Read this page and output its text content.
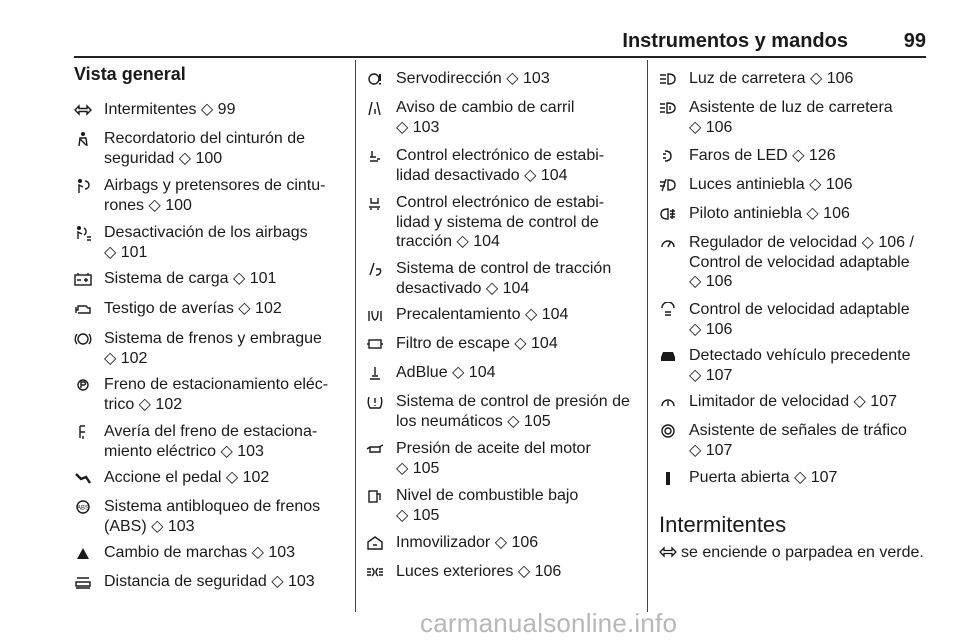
Instrumentos y mandos	99
Vista general
Intermitentes ◇ 99
Recordatorio del cinturón de
seguridad ◇ 100
Airbags y pretensores de cintu-
rones ◇ 100
Desactivación de los airbags
◇ 101
Sistema de carga ◇ 101
Testigo de averías ◇ 102
Sistema de frenos y embrague
◇ 102
Freno de estacionamiento eléc-
trico ◇ 102
Avería del freno de estaciona-
miento eléctrico ◇ 103
Accione el pedal ◇ 102
ABS Sistema antibloqueo de frenos
(ABS) ◇ 103
Cambio de marchas ◇ 103
Distancia de seguridad ◇ 103
Servodirección ◇ 103
Aviso de cambio de carril
◇ 103
Control electrónico de estabi-
lidad desactivado ◇ 104
Control electrónico de estabi-
lidad y sistema de control de
tracción ◇ 104
Sistema de control de tracción
desactivado ◇ 104
Precalentamiento ◇ 104
Filtro de escape ◇ 104
AdBlue ◇ 104
Sistema de control de presión de
los neumáticos ◇ 105
Presión de aceite del motor
◇ 105
Nivel de combustible bajo
◇ 105
Inmovilizador ◇ 106
Luces exteriores ◇ 106
Luz de carretera ◇ 106
Asistente de luz de carretera
◇ 106
Faros de LED ◇ 126
Luces antiniebla ◇ 106
Piloto antiniebla ◇ 106
Regulador de velocidad ◇ 106 /
Control de velocidad adaptable
◇ 106
Control de velocidad adaptable
◇ 106
Detectado vehículo precedente
◇ 107
Limitador de velocidad ◇ 107
Asistente de señales de tráfico
◇ 107
Puerta abierta ◇ 107
Intermitentes
se enciende o parpadea en verde.
carmanualsonline.info
